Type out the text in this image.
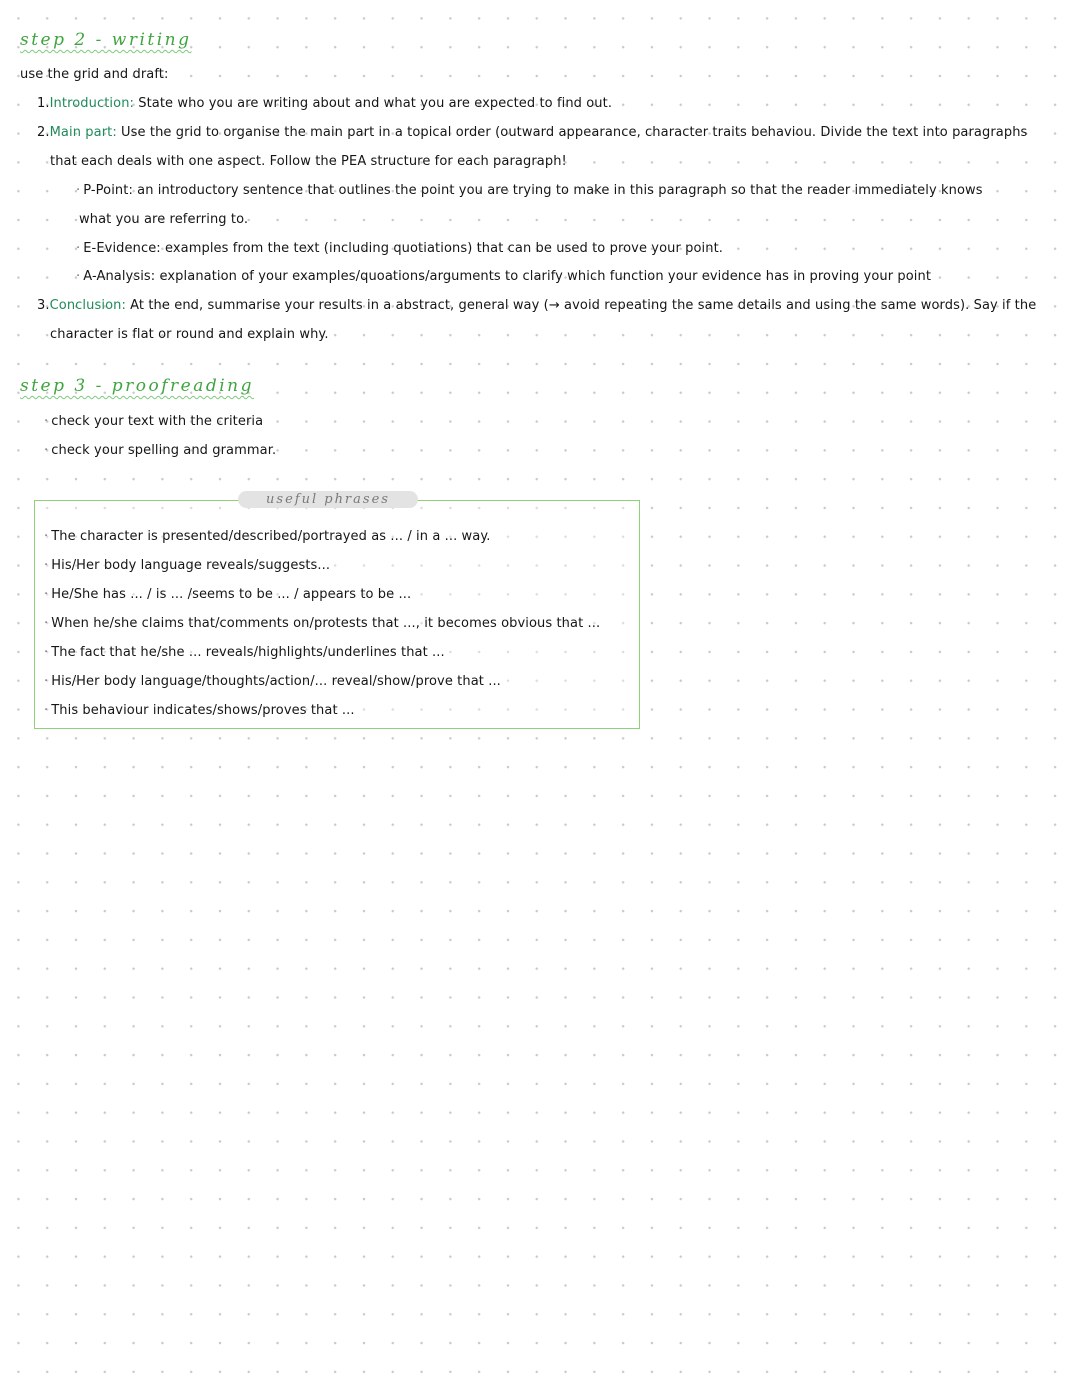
step 2 - writing
use the grid and draft:
1.Introduction: State who you are writing about and what you are expected to find out.
2.Main part: Use the grid to organise the main part in a topical order (outward appearance, character traits behaviou. Divide the text into paragraphs
that each deals with one aspect. Follow the PEA structure for each paragraph!
· P-Point: an introductory sentence that outlines the point you are trying to make in this paragraph so that the reader immediately knows
what you are referring to.
· E-Evidence: examples from the text (including quotiations) that can be used to prove your point.
· A-Analysis: explanation of your examples/quoations/arguments to clarify which function your evidence has in proving your point
3.Conclusion: At the end, summarise your results in a abstract, general way (→ avoid repeating the same details and using the same words). Say if the
character is flat or round and explain why.
step 3 - proofreading
· check your text with the criteria
· check your spelling and grammar.
useful phrases
· The character is presented/described/portrayed as ... / in a ... way.
· His/Her body language reveals/suggests...
· He/She has ... / is ... /seems to be ... / appears to be ...
· When he/she claims that/comments on/protests that ..., it becomes obvious that ...
· The fact that he/she ... reveals/highlights/underlines that ...
· His/Her body language/thoughts/action/... reveal/show/prove that ...
· This behaviour indicates/shows/proves that ...
